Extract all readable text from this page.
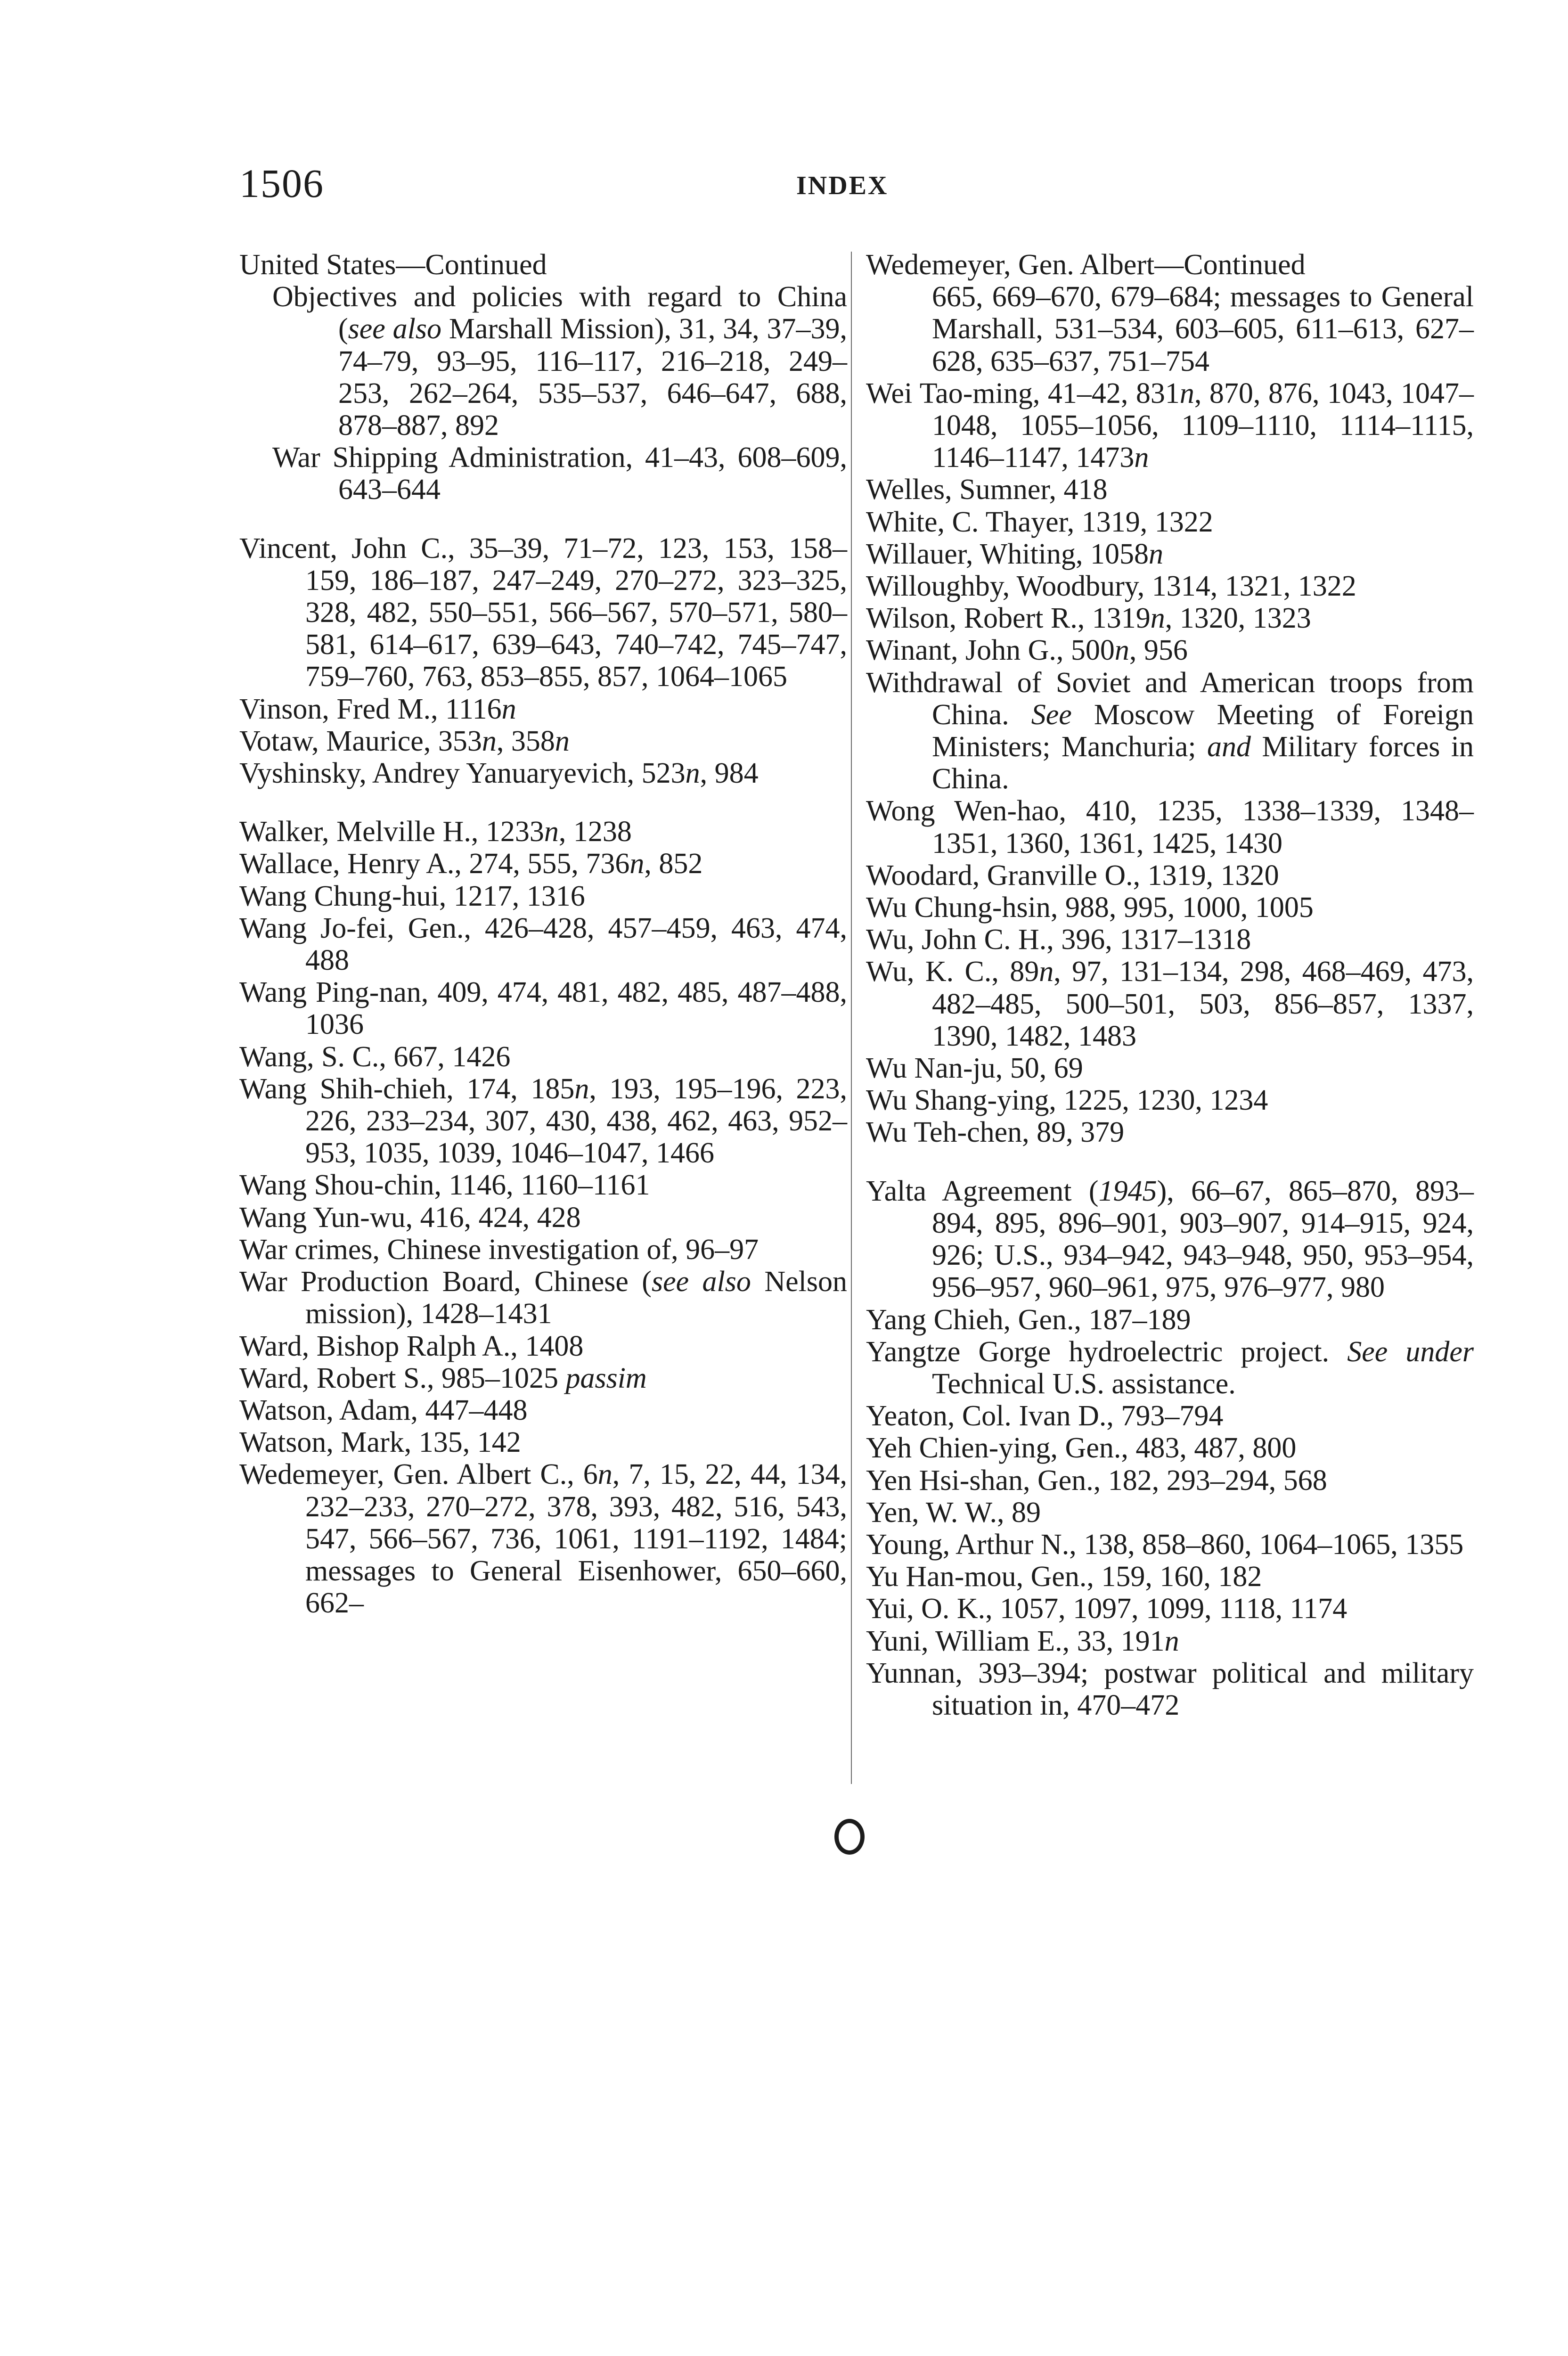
1506	INDEX
United States—Continued
Objectives and policies with regard to China (see also Marshall Mission), 31, 34, 37–39, 74–79, 93–95, 116–117, 216–218, 249–253, 262–264, 535–537, 646–647, 688, 878–887, 892
War Shipping Administration, 41–43, 608–609, 643–644
Vincent, John C., 35–39, 71–72, 123, 153, 158–159, 186–187, 247–249, 270–272, 323–325, 328, 482, 550–551, 566–567, 570–571, 580–581, 614–617, 639–643, 740–742, 745–747, 759–760, 763, 853–855, 857, 1064–1065
Vinson, Fred M., 1116n
Votaw, Maurice, 353n, 358n
Vyshinsky, Andrey Yanuaryevich, 523n, 984
Walker, Melville H., 1233n, 1238
Wallace, Henry A., 274, 555, 736n, 852
Wang Chung-hui, 1217, 1316
Wang Jo-fei, Gen., 426–428, 457–459, 463, 474, 488
Wang Ping-nan, 409, 474, 481, 482, 485, 487–488, 1036
Wang, S. C., 667, 1426
Wang Shih-chieh, 174, 185n, 193, 195–196, 223, 226, 233–234, 307, 430, 438, 462, 463, 952–953, 1035, 1039, 1046–1047, 1466
Wang Shou-chin, 1146, 1160–1161
Wang Yun-wu, 416, 424, 428
War crimes, Chinese investigation of, 96–97
War Production Board, Chinese (see also Nelson mission), 1428–1431
Ward, Bishop Ralph A., 1408
Ward, Robert S., 985–1025 passim
Watson, Adam, 447–448
Watson, Mark, 135, 142
Wedemeyer, Gen. Albert C., 6n, 7, 15, 22, 44, 134, 232–233, 270–272, 378, 393, 482, 516, 543, 547, 566–567, 736, 1061, 1191–1192, 1484; messages to General Eisenhower, 650–660, 662–
Wedemeyer, Gen. Albert—Continued
665, 669–670, 679–684; messages to General Marshall, 531–534, 603–605, 611–613, 627–628, 635–637, 751–754
Wei Tao-ming, 41–42, 831n, 870, 876, 1043, 1047–1048, 1055–1056, 1109–1110, 1114–1115, 1146–1147, 1473n
Welles, Sumner, 418
White, C. Thayer, 1319, 1322
Willauer, Whiting, 1058n
Willoughby, Woodbury, 1314, 1321, 1322
Wilson, Robert R., 1319n, 1320, 1323
Winant, John G., 500n, 956
Withdrawal of Soviet and American troops from China. See Moscow Meeting of Foreign Ministers; Manchuria; and Military forces in China.
Wong Wen-hao, 410, 1235, 1338–1339, 1348–1351, 1360, 1361, 1425, 1430
Woodard, Granville O., 1319, 1320
Wu Chung-hsin, 988, 995, 1000, 1005
Wu, John C. H., 396, 1317–1318
Wu, K. C., 89n, 97, 131–134, 298, 468–469, 473, 482–485, 500–501, 503, 856–857, 1337, 1390, 1482, 1483
Wu Nan-ju, 50, 69
Wu Shang-ying, 1225, 1230, 1234
Wu Teh-chen, 89, 379
Yalta Agreement (1945), 66–67, 865–870, 893–894, 895, 896–901, 903–907, 914–915, 924, 926; U.S., 934–942, 943–948, 950, 953–954, 956–957, 960–961, 975, 976–977, 980
Yang Chieh, Gen., 187–189
Yangtze Gorge hydroelectric project. See under Technical U.S. assistance.
Yeaton, Col. Ivan D., 793–794
Yeh Chien-ying, Gen., 483, 487, 800
Yen Hsi-shan, Gen., 182, 293–294, 568
Yen, W. W., 89
Young, Arthur N., 138, 858–860, 1064–1065, 1355
Yu Han-mou, Gen., 159, 160, 182
Yui, O. K., 1057, 1097, 1099, 1118, 1174
Yuni, William E., 33, 191n
Yunnan, 393–394; postwar political and military situation in, 470–472
